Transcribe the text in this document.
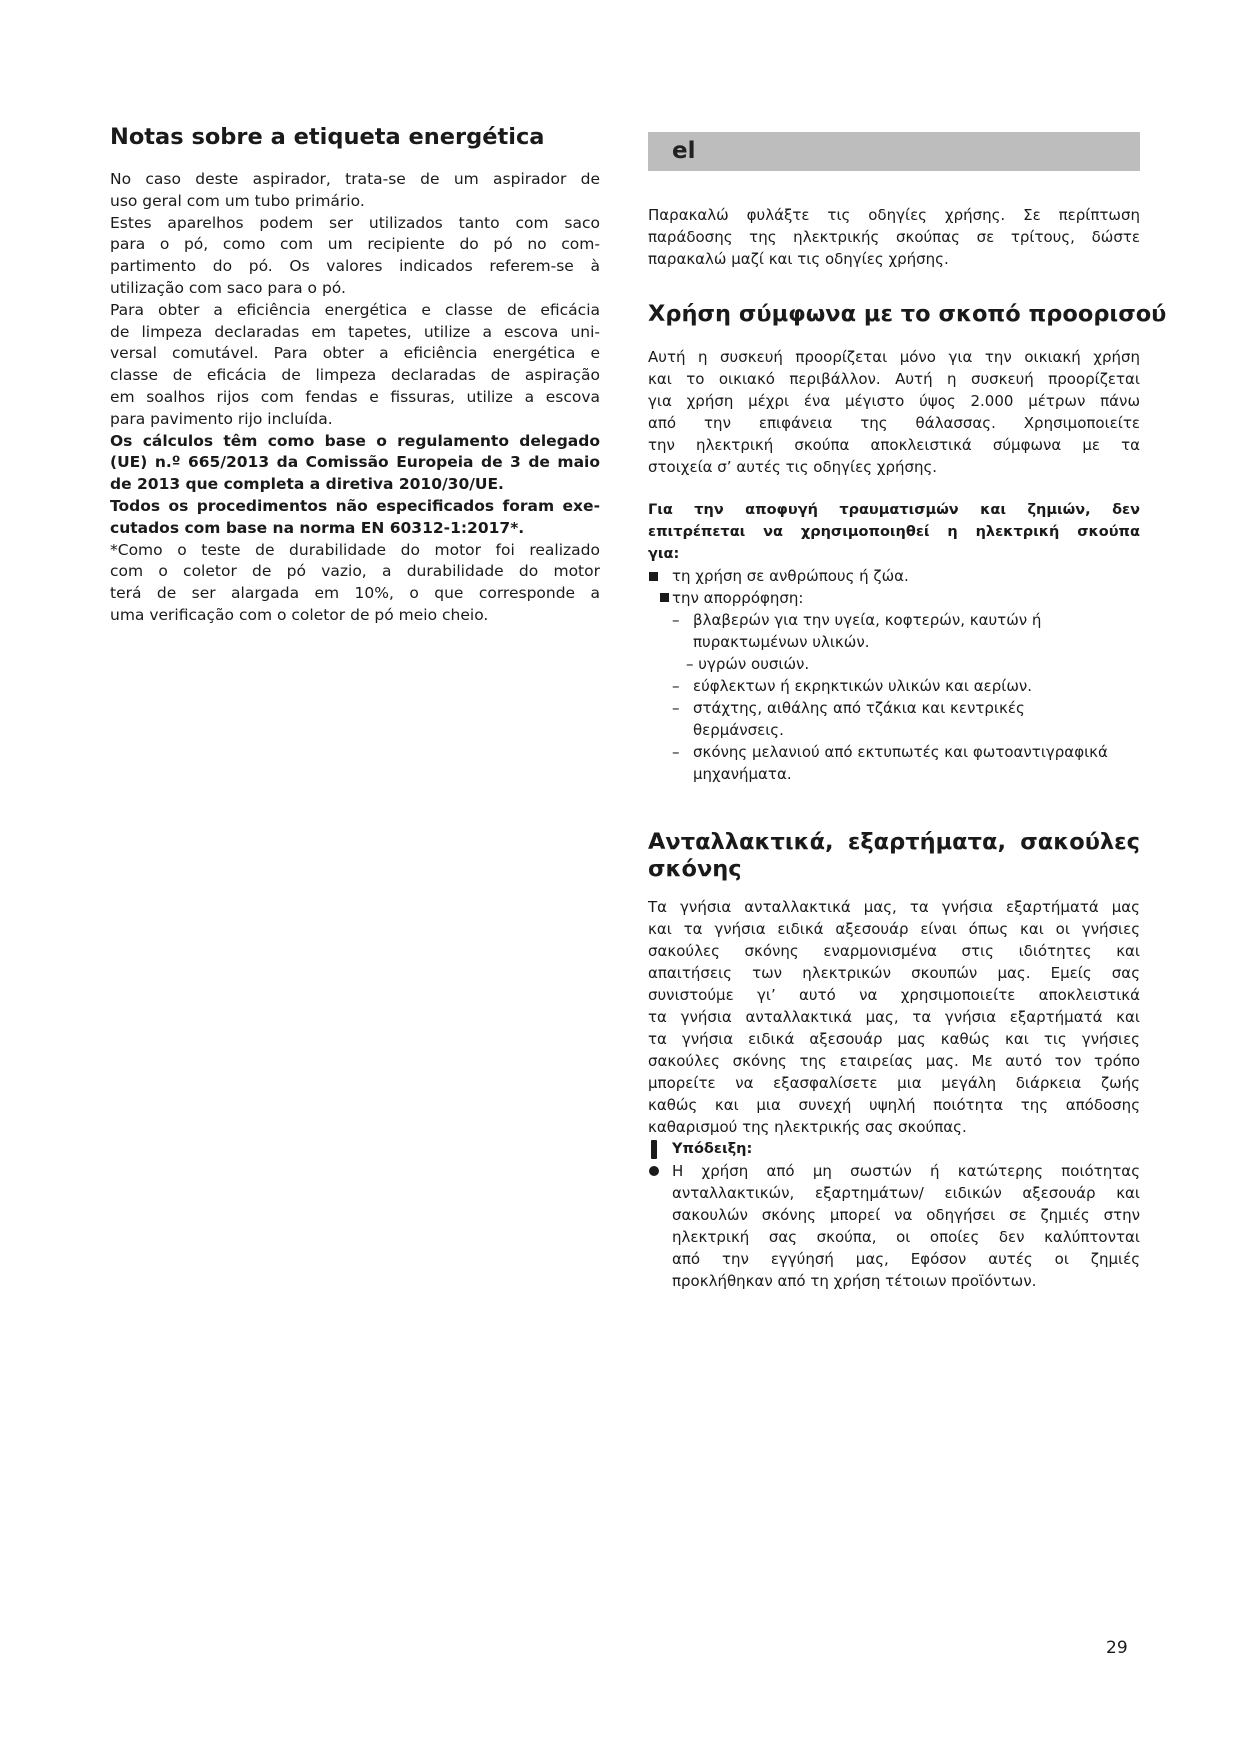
Notas sobre a etiqueta energética
No caso deste aspirador, trata-se de um aspirador de
uso geral com um tubo primário.
Estes aparelhos podem ser utilizados tanto com saco
para o pó, como com um recipiente do pó no com-
partimento do pó. Os valores indicados referem-se à
utilização com saco para o pó.
Para obter a eficiência energética e classe de eficácia
de limpeza declaradas em tapetes, utilize a escova uni-
versal comutável. Para obter a eficiência energética e
classe de eficácia de limpeza declaradas de aspiração
em soalhos rijos com fendas e fissuras, utilize a escova
para pavimento rijo incluída.
Os cálculos têm como base o regulamento delegado
(UE) n.º 665/2013 da Comissão Europeia de 3 de maio
de 2013 que completa a diretiva 2010/30/UE.
Todos os procedimentos não especificados foram exe-
cutados com base na norma EN 60312-1:2017*.
*Como o teste de durabilidade do motor foi realizado
com o coletor de pó vazio, a durabilidade do motor
terá de ser alargada em 10%, o que corresponde a
uma verificação com o coletor de pó meio cheio.
el
Παρακαλώ φυλάξτε τις οδηγίες χρήσης. Σε περίπτωση
παράδοσης της ηλεκτρικής σκούπας σε τρίτους, δώστε
παρακαλώ μαζί και τις οδηγίες χρήσης.
Χρήση σύμφωνα με το σκοπό προορισού
Αυτή η συσκευή προορίζεται μόνο για την οικιακή χρήση
και το οικιακό περιβάλλον. Αυτή η συσκευή προορίζεται
για χρήση μέχρι ένα μέγιστο ύψος 2.000 μέτρων πάνω
από την επιφάνεια της θάλασσας. Χρησιμοποιείτε
την ηλεκτρική σκούπα αποκλειστικά σύμφωνα με τα
στοιχεία σ’ αυτές τις οδηγίες χρήσης.
Για την αποφυγή τραυματισμών και ζημιών, δεν
επιτρέπεται να χρησιμοποιηθεί η ηλεκτρική σκούπα
για:
τη χρήση σε ανθρώπους ή ζώα.
την απορρόφηση:
– βλαβερών για την υγεία, κοφτερών, καυτών ή
πυρακτωμένων υλικών.
– υγρών ουσιών.
– εύφλεκτων ή εκρηκτικών υλικών και αερίων.
– στάχτης, αιθάλης από τζάκια και κεντρικές
θερμάνσεις.
– σκόνης μελανιού από εκτυπωτές και φωτοαντιγραφικά
μηχανήματα.
Ανταλλακτικά, εξαρτήματα, σακούλες
σκόνης
Τα γνήσια ανταλλακτικά μας, τα γνήσια εξαρτήματά μας
και τα γνήσια ειδικά αξεσουάρ είναι όπως και οι γνήσιες
σακούλες σκόνης εναρμονισμένα στις ιδιότητες και
απαιτήσεις των ηλεκτρικών σκουπών μας. Εμείς σας
συνιστούμε γι’ αυτό να χρησιμοποιείτε αποκλειστικά
τα γνήσια ανταλλακτικά μας, τα γνήσια εξαρτήματά και
τα γνήσια ειδικά αξεσουάρ μας καθώς και τις γνήσιες
σακούλες σκόνης της εταιρείας μας. Με αυτό τον τρόπο
μπορείτε να εξασφαλίσετε μια μεγάλη διάρκεια ζωής
καθώς και μια συνεχή υψηλή ποιότητα της απόδοσης
καθαρισμού της ηλεκτρικής σας σκούπας.
Υπόδειξη:
Η χρήση από μη σωστών ή κατώτερης ποιότητας
ανταλλακτικών, εξαρτημάτων/ ειδικών αξεσουάρ και
σακουλών σκόνης μπορεί να οδηγήσει σε ζημιές στην
ηλεκτρική σας σκούπα, οι οποίες δεν καλύπτονται
από την εγγύησή μας, Εφόσον αυτές οι ζημιές
προκλήθηκαν από τη χρήση τέτοιων προϊόντων.
29
